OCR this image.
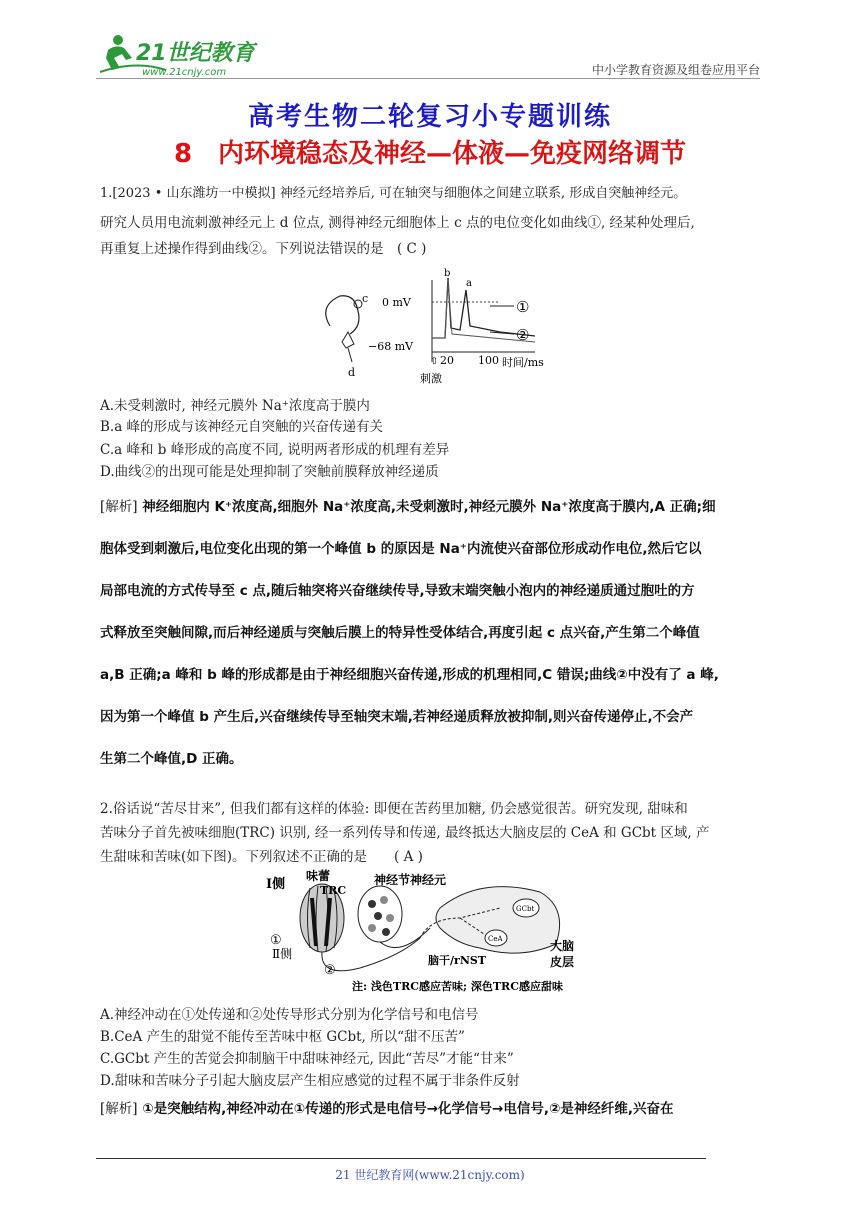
21世纪教育
www.21cnjy.com	中小学教育资源及组卷应用平台
高考生物二轮复习小专题训练
8　内环境稳态及神经—体液—免疫网络调节
1.[2023 • 山东潍坊一中模拟] 神经元经培养后, 可在轴突与细胞体之间建立联系, 形成自突触神经元。
研究人员用电流刺激神经元上 d 位点, 测得神经元细胞体上 c 点的电位变化如曲线①, 经某种处理后,
再重复上述操作得到曲线②。下列说法错误的是　( C )
c
d
0 mV
−68 mV
b
a
①
②
⇧ 20 100 时间/ms
刺激
A.未受刺激时, 神经元膜外 Na⁺浓度高于膜内
B.a 峰的形成与该神经元自突触的兴奋传递有关
C.a 峰和 b 峰形成的高度不同, 说明两者形成的机理有差异
D.曲线②的出现可能是处理抑制了突触前膜释放神经递质
[解析] 神经细胞内 K⁺浓度高,细胞外 Na⁺浓度高,未受刺激时,神经元膜外 Na⁺浓度高于膜内,A 正确;细
胞体受到刺激后,电位变化出现的第一个峰值 b 的原因是 Na⁺内流使兴奋部位形成动作电位,然后它以
局部电流的方式传导至 c 点,随后轴突将兴奋继续传导,导致末端突触小泡内的神经递质通过胞吐的方
式释放至突触间隙,而后神经递质与突触后膜上的特异性受体结合,再度引起 c 点兴奋,产生第二个峰值
a,B 正确;a 峰和 b 峰的形成都是由于神经细胞兴奋传递,形成的机理相同,C 错误;曲线②中没有了 a 峰,
因为第一个峰值 b 产生后,兴奋继续传导至轴突末端,若神经递质释放被抑制,则兴奋传递停止,不会产
生第二个峰值,D 正确。
2.俗话说“苦尽甘来”, 但我们都有这样的体验: 即便在苦药里加糖, 仍会感觉很苦。研究发现, 甜味和
苦味分子首先被味细胞(TRC) 识别, 经一系列传导和传递, 最终抵达大脑皮层的 CeA 和 GCbt 区域, 产
生甜味和苦味(如下图)。下列叙述不正确的是　　( A )
GCbt
CeA
Ⅰ侧
Ⅱ侧
味蕾
TRC
神经节神经元
①
②
脑干/rNST
大脑
皮层
注: 浅色TRC感应苦味; 深色TRC感应甜味
A.神经冲动在①处传递和②处传导形式分别为化学信号和电信号
B.CeA 产生的甜觉不能传至苦味中枢 GCbt, 所以“甜不压苦”
C.GCbt 产生的苦觉会抑制脑干中甜味神经元, 因此“苦尽”才能“甘来”
D.甜味和苦味分子引起大脑皮层产生相应感觉的过程不属于非条件反射
[解析] ①是突触结构,神经冲动在①传递的形式是电信号→化学信号→电信号,②是神经纤维,兴奋在
21 世纪教育网(www.21cnjy.com)
